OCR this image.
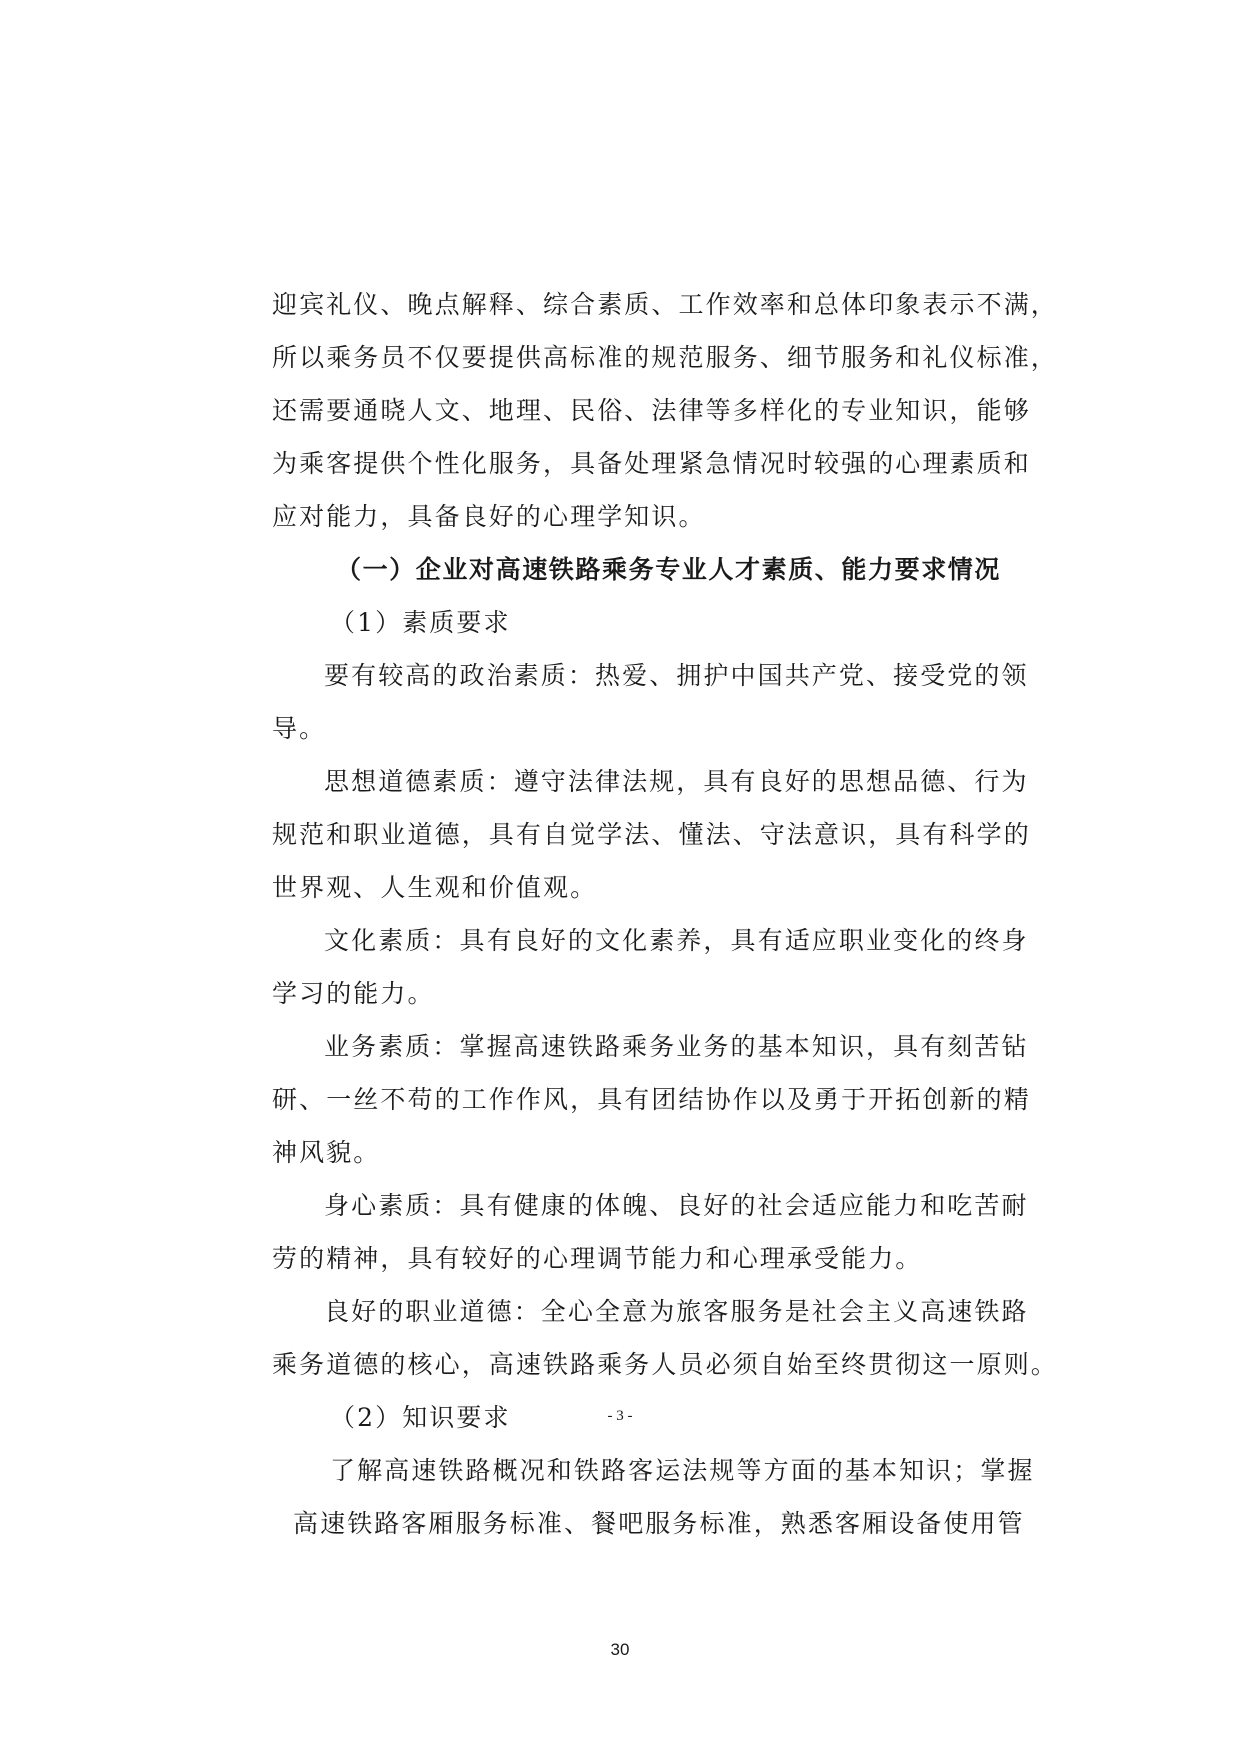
迎宾礼仪、晚点解释、综合素质、工作效率和总体印象表示不满，
所以乘务员不仅要提供高标准的规范服务、细节服务和礼仪标准，
还需要通晓人文、地理、民俗、法律等多样化的专业知识，能够
为乘客提供个性化服务，具备处理紧急情况时较强的心理素质和
应对能力，具备良好的心理学知识。
（一）企业对高速铁路乘务专业人才素质、能力要求情况
（1）素质要求
要有较高的政治素质：热爱、拥护中国共产党、接受党的领
导。
思想道德素质：遵守法律法规，具有良好的思想品德、行为
规范和职业道德，具有自觉学法、懂法、守法意识，具有科学的
世界观、人生观和价值观。
文化素质：具有良好的文化素养，具有适应职业变化的终身
学习的能力。
业务素质：掌握高速铁路乘务业务的基本知识，具有刻苦钻
研、一丝不苟的工作作风，具有团结协作以及勇于开拓创新的精
神风貌。
身心素质：具有健康的体魄、良好的社会适应能力和吃苦耐
劳的精神，具有较好的心理调节能力和心理承受能力。
良好的职业道德：全心全意为旅客服务是社会主义高速铁路
乘务道德的核心，高速铁路乘务人员必须自始至终贯彻这一原则。
（2）知识要求
了解高速铁路概况和铁路客运法规等方面的基本知识；掌握
高速铁路客厢服务标准、餐吧服务标准，熟悉客厢设备使用管
- 3 -
30
